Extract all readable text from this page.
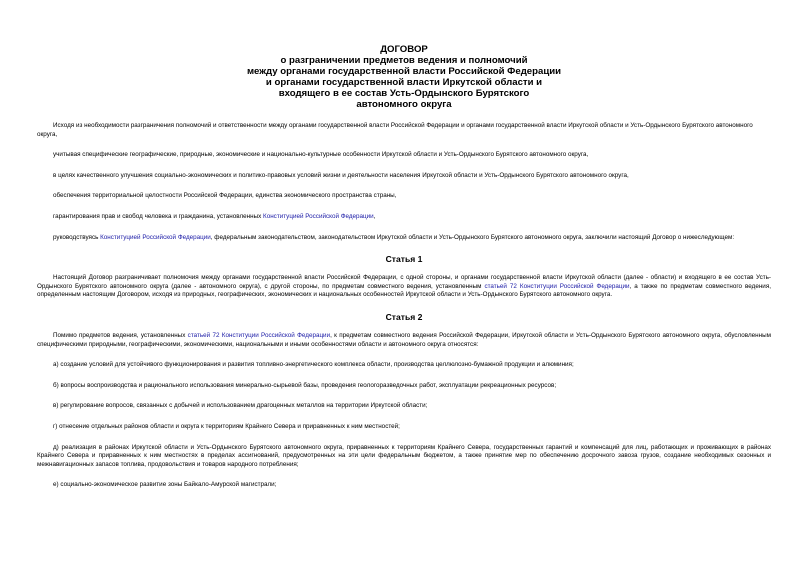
ДОГОВОР
о разграничении предметов ведения и полномочий
между органами государственной власти Российской Федерации
и органами государственной власти Иркутской области и
входящего в ее состав Усть-Ордынского Бурятского
автономного округа

Исходя из необходимости разграничения полномочий и ответственности между органами государственной власти Российской Федерации и органами государственной власти Иркутской области и Усть-Ордынского Бурятского автономного округа,

учитывая специфические географические, природные, экономические и национально-культурные особенности Иркутской области и Усть-Ордынского Бурятского автономного округа,

в целях качественного улучшения социально-экономических и политико-правовых условий жизни и деятельности населения Иркутской области и Усть-Ордынского Бурятского автономного округа,

обеспечения территориальной целостности Российской Федерации, единства экономического пространства страны,

гарантирования прав и свобод человека и гражданина, установленных Конституцией Российской Федерации,

руководствуясь Конституцией Российской Федерации, федеральным законодательством, законодательством Иркутской области и Усть-Ордынского Бурятского автономного округа, заключили настоящий Договор о нижеследующем:

Статья 1

Настоящий Договор разграничивает полномочия между органами государственной власти Российской Федерации, с одной стороны, и органами государственной власти Иркутской области (далее - области) и входящего в ее состав Усть-Ордынского Бурятского автономного округа (далее - автономного округа), с другой стороны, по предметам совместного ведения, установленным статьей 72 Конституции Российской Федерации, а также по предметам совместного ведения, определенным настоящим Договором, исходя из природных, географических, экономических и национальных особенностей Иркутской области и Усть-Ордынского Бурятского автономного округа.

Статья 2

Помимо предметов ведения, установленных статьей 72 Конституции Российской Федерации, к предметам совместного ведения Российской Федерации, Иркутской области и Усть-Ордынского Бурятского автономного округа, обусловленным специфическими природными, географическими, экономическими, национальными и иными особенностями области и автономного округа относятся:

а) создание условий для устойчивого функционирования и развития топливно-энергетического комплекса области, производства целлюлозно-бумажной продукции и алюминия;

б) вопросы воспроизводства и рационального использования минерально-сырьевой базы, проведения геологоразведочных работ, эксплуатации рекреационных ресурсов;

в) регулирование вопросов, связанных с добычей и использованием драгоценных металлов на территории Иркутской области;

г) отнесение отдельных районов области и округа к территориям Крайнего Севера и приравненных к ним местностей;

д) реализация в районах Иркутской области и Усть-Ордынского Бурятского автономного округа, приравненных к территориям Крайнего Севера, государственных гарантий и компенсаций для лиц, работающих и проживающих в районах Крайнего Севера и приравненных к ним местностях в пределах ассигнований, предусмотренных на эти цели федеральным бюджетом, а также принятие мер по обеспечению досрочного завоза грузов, создание необходимых сезонных и межнавигационных запасов топлива, продовольствия и товаров народного потребления;

е) социально-экономическое развитие зоны Байкало-Амурской магистрали;
